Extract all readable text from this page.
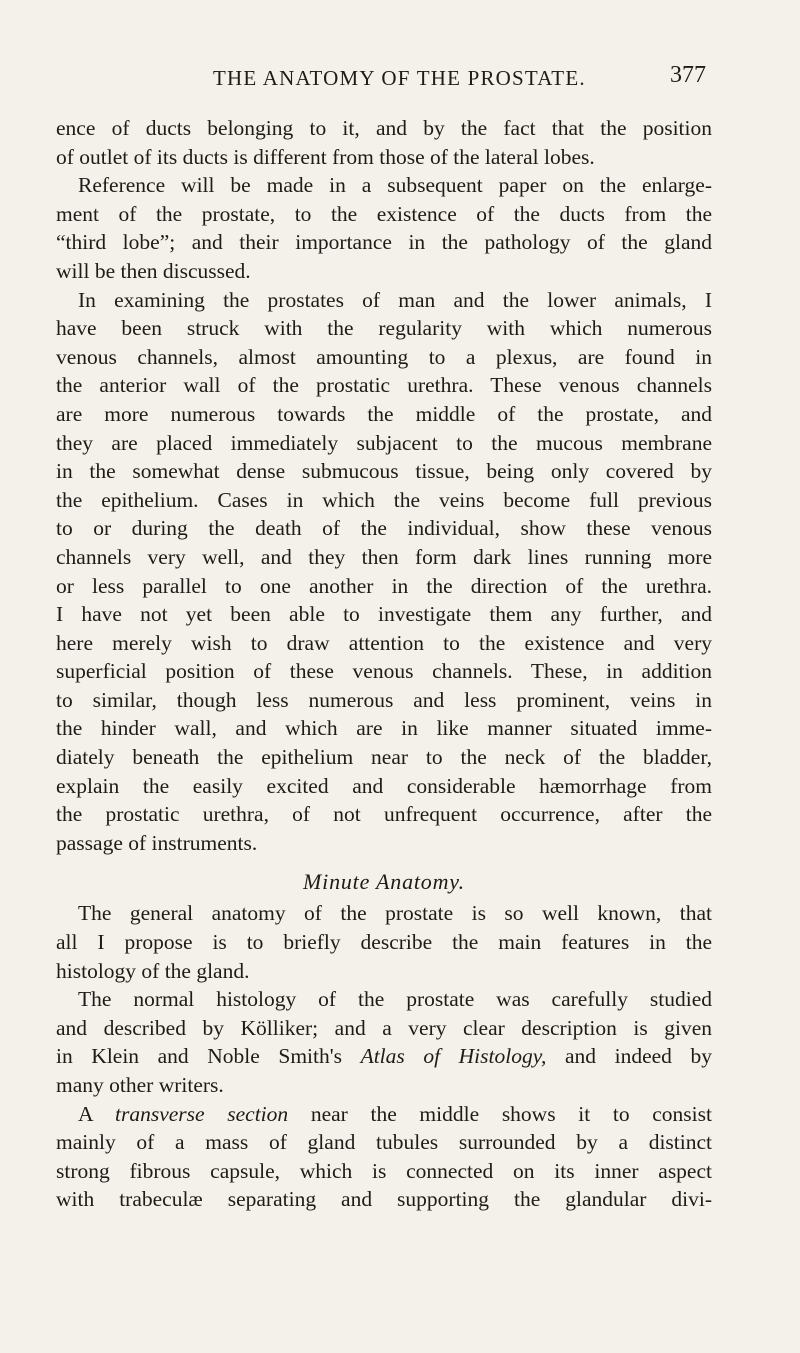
THE ANATOMY OF THE PROSTATE.	377
ence of ducts belonging to it, and by the fact that the position
of outlet of its ducts is different from those of the lateral lobes.
Reference will be made in a subsequent paper on the enlarge-
ment of the prostate, to the existence of the ducts from the
“third lobe”; and their importance in the pathology of the gland
will be then discussed.
In examining the prostates of man and the lower animals, I
have been struck with the regularity with which numerous
venous channels, almost amounting to a plexus, are found in
the anterior wall of the prostatic urethra. These venous channels
are more numerous towards the middle of the prostate, and
they are placed immediately subjacent to the mucous membrane
in the somewhat dense submucous tissue, being only covered by
the epithelium. Cases in which the veins become full previous
to or during the death of the individual, show these venous
channels very well, and they then form dark lines running more
or less parallel to one another in the direction of the urethra.
I have not yet been able to investigate them any further, and
here merely wish to draw attention to the existence and very
superficial position of these venous channels. These, in addition
to similar, though less numerous and less prominent, veins in
the hinder wall, and which are in like manner situated imme-
diately beneath the epithelium near to the neck of the bladder,
explain the easily excited and considerable hæmorrhage from
the prostatic urethra, of not unfrequent occurrence, after the
passage of instruments.
Minute Anatomy.
The general anatomy of the prostate is so well known, that
all I propose is to briefly describe the main features in the
histology of the gland.
The normal histology of the prostate was carefully studied
and described by Kölliker; and a very clear description is given
in Klein and Noble Smith's Atlas of Histology, and indeed by
many other writers.
A transverse section near the middle shows it to consist
mainly of a mass of gland tubules surrounded by a distinct
strong fibrous capsule, which is connected on its inner aspect
with trabeculæ separating and supporting the glandular divi-
